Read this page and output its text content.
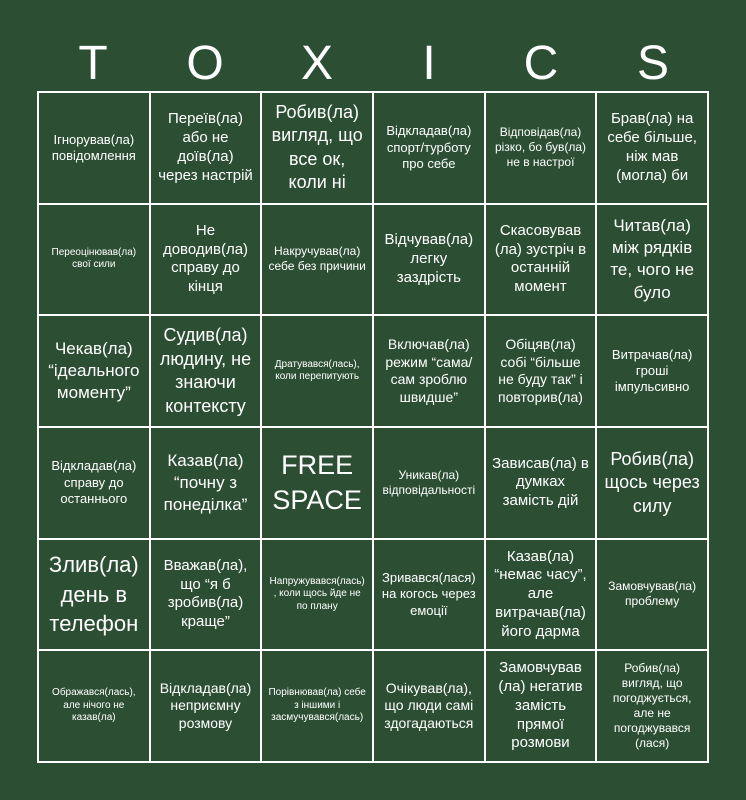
T	O	X	I	C	S
Ігнорував(ла) повідомлення
Переїв(ла) або не доїв(ла) через настрій
Робив(ла) вигляд, що все ок, коли ні
Відкладав(ла) спорт/турботу про себе
Відповідав(ла) різко, бо був(ла) не в настрої
Брав(ла) на себе більше, ніж мав (могла) би
Переоцінював(ла) свої сили
Не доводив(ла) справу до кінця
Накручував(ла) себе без причини
Відчував(ла) легку заздрість
Скасовував (ла) зустріч в останній момент
Читав(ла) між рядків те, чого не було
Чекав(ла) “ідеального моменту”
Судив(ла) людину, не знаючи контексту
Дратувався(лась), коли перепитують
Включав(ла) режим “сама/сам зроблю швидше”
Обіцяв(ла) собі “більше не буду так” і повторив(ла)
Витрачав(ла) гроші імпульсивно
Відкладав(ла) справу до останнього
Казав(ла) “почну з понеділка”
FREE SPACE
Уникав(ла) відповідальності
Зависав(ла) в думках замість дій
Робив(ла) щось через силу
Злив(ла) день в телефон
Вважав(ла), що “я б зробив(ла) краще”
Напружувався(лась), коли щось йде не по плану
Зривався(лася) на когось через емоції
Казав(ла) “немає часу”, але витрачав(ла) його дарма
Замовчував(ла) проблему
Ображався(лась), але нічого не казав(ла)
Відкладав(ла) неприємну розмову
Порівнював(ла) себе з іншими і засмучувався(лась)
Очікував(ла), що люди самі здогадаються
Замовчував (ла) негатив замість прямої розмови
Робив(ла) вигляд, що погоджується, але не погоджувався (лася)
